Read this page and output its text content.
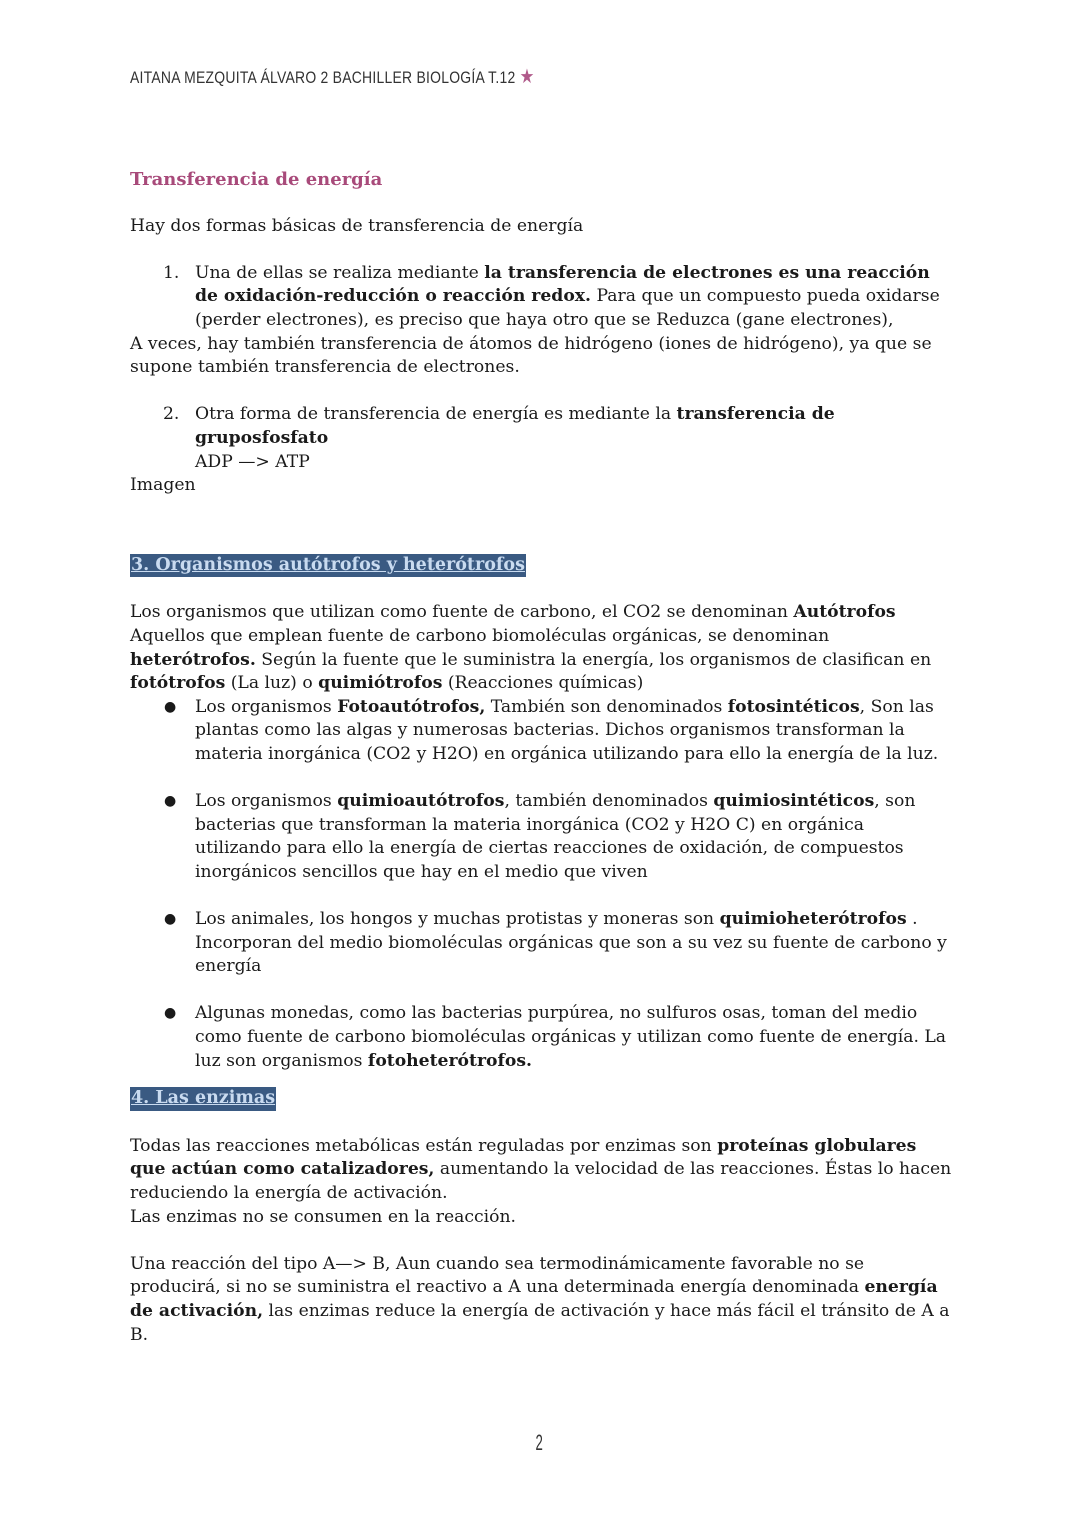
AITANA MEZQUITA ÁLVARO 2 BACHILLER BIOLOGÍA T.12 ★

Transferencia de energía

Hay dos formas básicas de transferencia de energía

1. Una de ellas se realiza mediante la transferencia de electrones es una reacción de oxidación-reducción o reacción redox. Para que un compuesto pueda oxidarse (perder electrones), es preciso que haya otro que se Reduzca (gane electrones),

A veces, hay también transferencia de átomos de hidrógeno (iones de hidrógeno), ya que se supone también transferencia de electrones.

2. Otra forma de transferencia de energía es mediante la transferencia de gruposfosfato
ADP —> ATP

Imagen

3. Organismos autótrofos y heterótrofos

Los organismos que utilizan como fuente de carbono, el CO2 se denominan Autótrofos Aquellos que emplean fuente de carbono biomoléculas orgánicas, se denominan heterótrofos. Según la fuente que le suministra la energía, los organismos de clasifican en fotótrofos (La luz) o quimiótrofos (Reacciones químicas)

● Los organismos Fotoautótrofos, También son denominados fotosintéticos, Son las plantas como las algas y numerosas bacterias. Dichos organismos transforman la materia inorgánica (CO2 y H2O) en orgánica utilizando para ello la energía de la luz.
● Los organismos quimioautótrofos, también denominados quimiosintéticos, son bacterias que transforman la materia inorgánica (CO2 y H2O C) en orgánica utilizando para ello la energía de ciertas reacciones de oxidación, de compuestos inorgánicos sencillos que hay en el medio que viven
● Los animales, los hongos y muchas protistas y moneras son quimioheterótrofos . Incorporan del medio biomoléculas orgánicas que son a su vez su fuente de carbono y energía
● Algunas monedas, como las bacterias purpúrea, no sulfuros osas, toman del medio como fuente de carbono biomoléculas orgánicas y utilizan como fuente de energía. La luz son organismos fotoheterótrofos.

4. Las enzimas

Todas las reacciones metabólicas están reguladas por enzimas son proteínas globulares que actúan como catalizadores, aumentando la velocidad de las reacciones. Éstas lo hacen reduciendo la energía de activación.

Las enzimas no se consumen en la reacción.

Una reacción del tipo A—> B, Aun cuando sea termodinámicamente favorable no se producirá, si no se suministra el reactivo a A una determinada energía denominada energía de activación, las enzimas reduce la energía de activación y hace más fácil el tránsito de A a B.

2
